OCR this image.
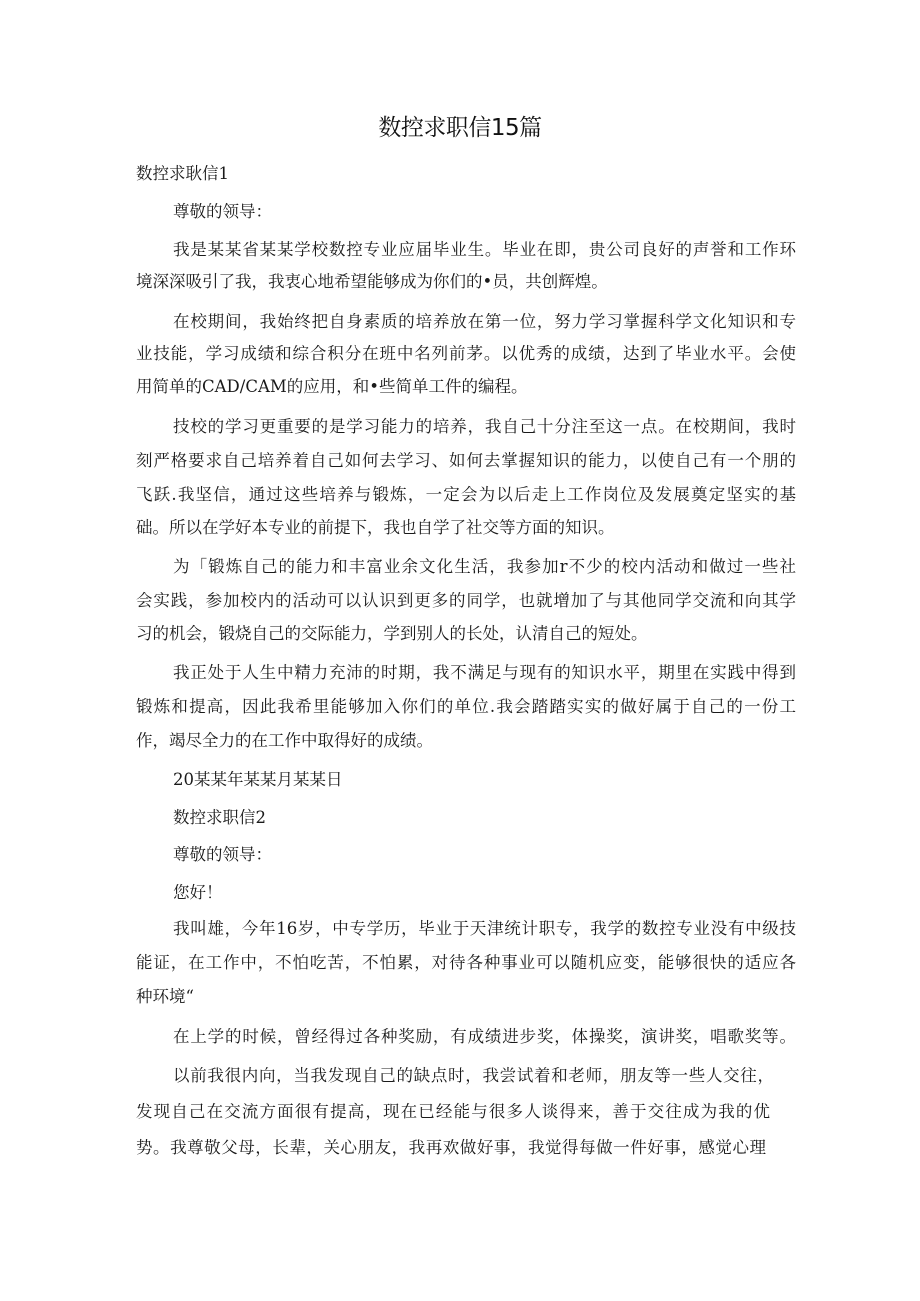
数控求职信15篇
数控求耿信1
尊敬的领导：
我是某某省某某学校数控专业应届毕业生。毕业在即，贵公司良好的声誉和工作环
境深深吸引了我，我衷心地希望能够成为你们的•员，共创辉煌。
在校期间，我始终把自身素质的培养放在第一位，努力学习掌握科学文化知识和专
业技能，学习成绩和综合积分在班中名列前茅。以优秀的成绩，达到了毕业水平。会使
用简单的CAD/CAM的应用，和•些简单工件的编程。
技校的学习更重要的是学习能力的培养，我自己十分注至这一点。在校期间，我时
刻严格要求自己培养着自己如何去学习、如何去掌握知识的能力，以使自己有一个朋的
飞跃.我坚信，通过这些培养与锻炼，一定会为以后走上工作岗位及发展奠定坚实的基
础。所以在学好本专业的前提下，我也自学了社交等方面的知识。
为「锻炼自己的能力和丰富业余文化生活，我参加r不少的校内活动和做过一些社
会实践，参加校内的活动可以认识到更多的同学，也就增加了与其他同学交流和向其学
习的机会，锻烧自己的交际能力，学到别人的长处，认清自己的短处。
我正处于人生中精力充沛的时期，我不满足与现有的知识水平，期里在实践中得到
锻炼和提高，因此我希里能够加入你们的单位.我会踏踏实实的做好属于自己的一份工
作，竭尽全力的在工作中取得好的成绩。
20某某年某某月某某日
数控求职信2
尊敬的领导：
您好！
我叫雄，今年16岁，中专学历，毕业于天津统计职专，我学的数控专业没有中级技
能证，在工作中，不怕吃苦，不怕累，对待各种事业可以随机应变，能够很快的适应各
种环境“
在上学的时候，曾经得过各种奖励，有成绩进步奖，体操奖，演讲奖，唱歌奖等。
以前我很内向，当我发现自己的缺点时，我尝试着和老师，朋友等一些人交往，
发现自己在交流方面很有提高，现在已经能与很多人谈得来，善于交往成为我的优
势。我尊敬父母，长辈，关心朋友，我再欢做好事，我觉得每做一件好事，感觉心理
